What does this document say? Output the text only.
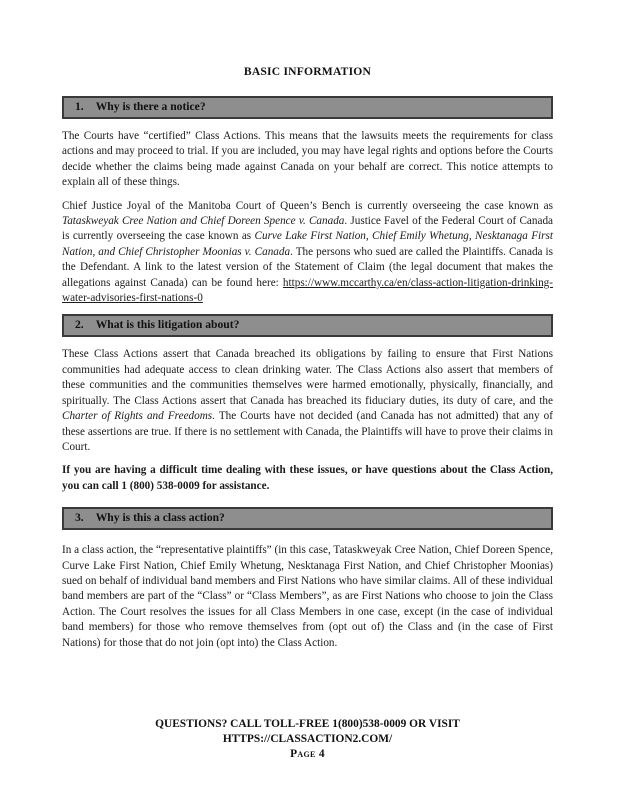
BASIC INFORMATION
1. Why is there a notice?

The Courts have “certified” Class Actions. This means that the lawsuits meets the requirements for class actions and may proceed to trial. If you are included, you may have legal rights and options before the Courts decide whether the claims being made against Canada on your behalf are correct. This notice attempts to explain all of these things.

Chief Justice Joyal of the Manitoba Court of Queen’s Bench is currently overseeing the case known as Tataskweyak Cree Nation and Chief Doreen Spence v. Canada. Justice Favel of the Federal Court of Canada is currently overseeing the case known as Curve Lake First Nation, Chief Emily Whetung, Nesktanaga First Nation, and Chief Christopher Moonias v. Canada. The persons who sued are called the Plaintiffs. Canada is the Defendant. A link to the latest version of the Statement of Claim (the legal document that makes the allegations against Canada) can be found here: https://www.mccarthy.ca/en/class-action-litigation-drinking-water-advisories-first-nations-0

2. What is this litigation about?

These Class Actions assert that Canada breached its obligations by failing to ensure that First Nations communities had adequate access to clean drinking water. The Class Actions also assert that members of these communities and the communities themselves were harmed emotionally, physically, financially, and spiritually. The Class Actions assert that Canada has breached its fiduciary duties, its duty of care, and the Charter of Rights and Freedoms. The Courts have not decided (and Canada has not admitted) that any of these assertions are true. If there is no settlement with Canada, the Plaintiffs will have to prove their claims in Court.

If you are having a difficult time dealing with these issues, or have questions about the Class Action, you can call 1 (800) 538-0009 for assistance.

3. Why is this a class action?

In a class action, the “representative plaintiffs” (in this case, Tataskweyak Cree Nation, Chief Doreen Spence, Curve Lake First Nation, Chief Emily Whetung, Nesktanaga First Nation, and Chief Christopher Moonias) sued on behalf of individual band members and First Nations who have similar claims. All of these individual band members are part of the “Class” or “Class Members”, as are First Nations who choose to join the Class Action. The Court resolves the issues for all Class Members in one case, except (in the case of individual band members) for those who remove themselves from (opt out of) the Class and (in the case of First Nations) for those that do not join (opt into) the Class Action.

QUESTIONS? CALL TOLL-FREE 1(800)538-0009 OR VISIT

HTTPS://CLASSACTION2.COM/

Page 4
